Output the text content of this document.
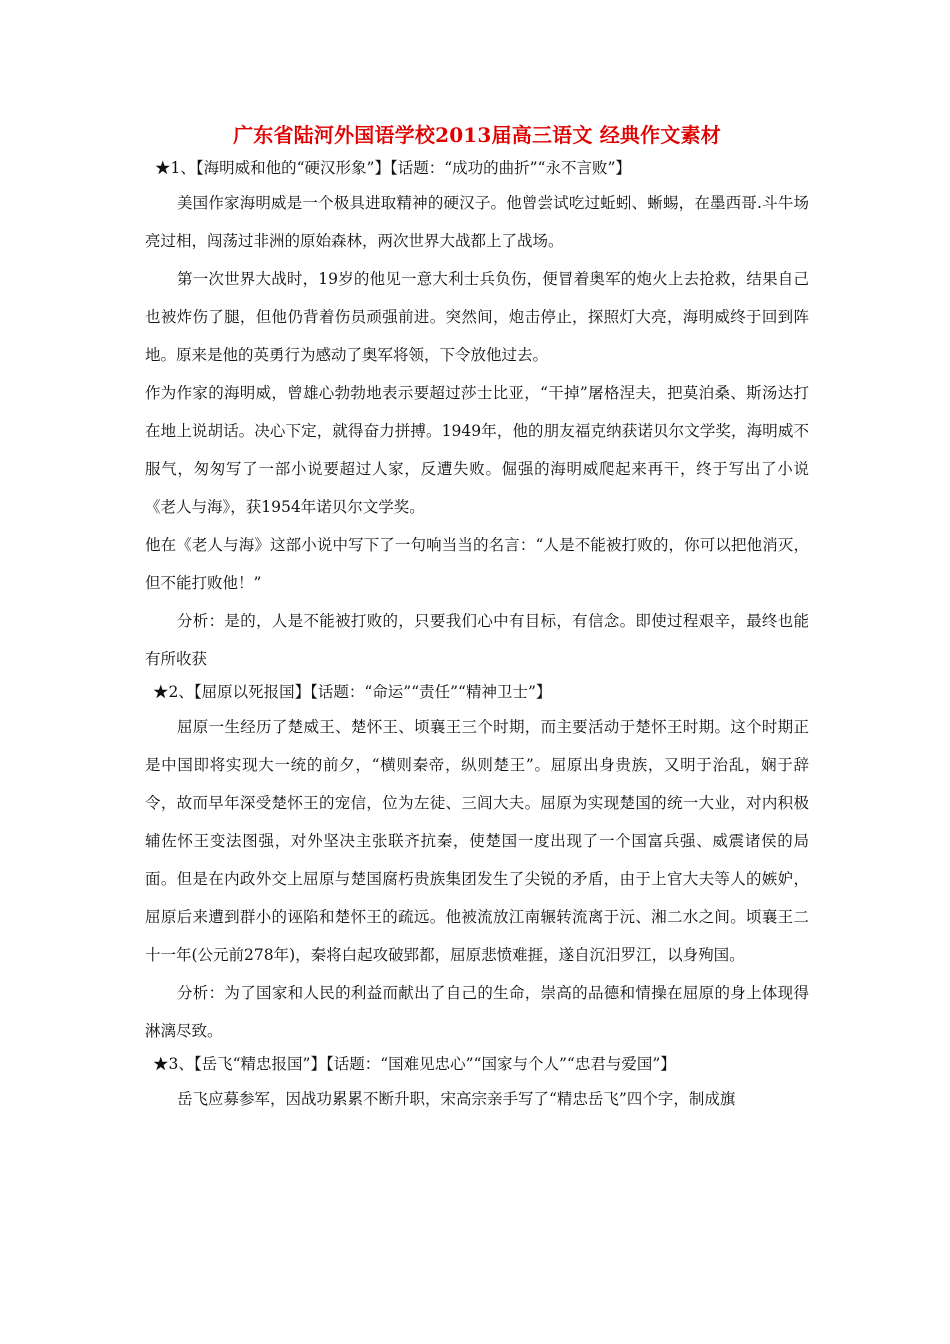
广东省陆河外国语学校2013届高三语文 经典作文素材
★1、【海明威和他的“硬汉形象”】【话题：“成功的曲折”“永不言败”】

美国作家海明威是一个极具进取精神的硬汉子。他曾尝试吃过蚯蚓、蜥蜴，在墨西哥.斗牛场亮过相，闯荡过非洲的原始森林，两次世界大战都上了战场。

第一次世界大战时，19岁的他见一意大利士兵负伤，便冒着奥军的炮火上去抢救，结果自己也被炸伤了腿，但他仍背着伤员顽强前进。突然间，炮击停止，探照灯大亮，海明威终于回到阵地。原来是他的英勇行为感动了奥军将领，下令放他过去。

作为作家的海明威，曾雄心勃勃地表示要超过莎士比亚，“干掉”屠格涅夫，把莫泊桑、斯汤达打在地上说胡话。决心下定，就得奋力拼搏。1949年，他的朋友福克纳获诺贝尔文学奖，海明威不服气，匆匆写了一部小说要超过人家，反遭失败。倔强的海明威爬起来再干，终于写出了小说《老人与海》，获1954年诺贝尔文学奖。

他在《老人与海》这部小说中写下了一句响当当的名言：“人是不能被打败的，你可以把他消灭，但不能打败他！”

分析：是的，人是不能被打败的，只要我们心中有目标，有信念。即使过程艰辛，最终也能有所收获

★2、【屈原以死报国】【话题：“命运”“责任”“精神卫士”】

屈原一生经历了楚威王、楚怀王、顷襄王三个时期，而主要活动于楚怀王时期。这个时期正是中国即将实现大一统的前夕，“横则秦帝，纵则楚王”。屈原出身贵族，又明于治乱，娴于辞令，故而早年深受楚怀王的宠信，位为左徒、三闾大夫。屈原为实现楚国的统一大业，对内积极辅佐怀王变法图强，对外坚决主张联齐抗秦，使楚国一度出现了一个国富兵强、威震诸侯的局面。但是在内政外交上屈原与楚国腐朽贵族集团发生了尖锐的矛盾，由于上官大夫等人的嫉妒，屈原后来遭到群小的诬陷和楚怀王的疏远。他被流放江南辗转流离于沅、湘二水之间。顷襄王二十一年(公元前278年)，秦将白起攻破郢都，屈原悲愤难捱，遂自沉汨罗江，以身殉国。

分析：为了国家和人民的利益而献出了自己的生命，崇高的品德和情操在屈原的身上体现得淋漓尽致。

★3、【岳飞“精忠报国”】【话题：“国难见忠心”“国家与个人”“忠君与爱国”】

岳飞应募参军，因战功累累不断升职，宋高宗亲手写了“精忠岳飞”四个字，制成旗
